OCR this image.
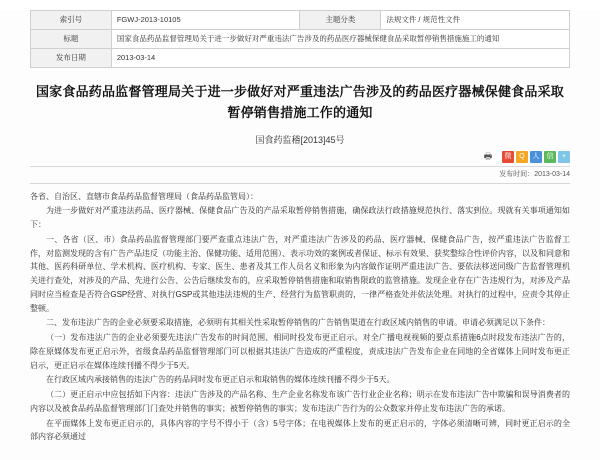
索引号	FGWJ-2013-10105	主题分类	法规文件 / 规范性文件
标题	国家食品药品监督管理局关于进一步做好对严重违法广告涉及的药品医疗器械保健食品采取暂停销售措施施工的通知		
发布日期	2013-03-14		
国家食品药品监督管理局关于进一步做好对严重违法广告涉及的药品医疗器械保健食品采取暂停销售措施工作的通知
国食药监稽[2013]45号
🖶	微	Q	人	信	+
发布时间：2013-03-14

各省、自治区、直辖市食品药品监督管理局（食品药品监管局）：

为进一步做好对严重违法药品、医疗器械、保健食品广告及的产品采取暂停销售措施，确保政法行政措施规范执行、落实到位。现就有关事项通知如下：

一、各省（区、市）食品药品监督管理部门要严查重点违法广告，对严重违法广告涉及的药品、医疗器械、保健食品广告，按严重违法广告监督工作，对监测发现的含有广告产品违反（功能主治、保健功能、适用范围）、表示功效的案例或者保证、标示有效果、获奖整综合性评价内容，以及和同意和其他、医药科研单位、学术机构、医疗机构、专家、医生、患者及其工作人员名义和形象为内容做作证明严重违法广告、要依法移送同级广告监督管理机关进行查处，对涉及的产品、先进行公告、公告后继续发布的，应采取暂停销售措施和取销售限政的监管措施。发现企业存在广告违规行为，对涉及产品同时应当检查是否符合GSP经营、对执行GSP或其他违法违规的生产、经营行为监管职责的，一律严格查处并依法处理。对执行的过程中，应责令其停止整顿。

二、发布违法广告的企业必须要采取措施，必须明有其相关性采取暂停销售的广告销售渠道在行政区域内销售的申请。申请必须满足以下条件：

（一）发布违法广告的企业必须要先违法广告发布的时间范围、相同时投发布更正启示。对全广播电视视频的要点系措施6点时段发布违法广告的，除在原媒体发布更正启示外，省级食品药品监督管理部门可以根据其违法广告造成的严重程度，责成违法广告发布企业在同地的全省媒体上同时发布更正启示，更正启示在媒体连续刊播不得少于5天。

在行政区域内承接销售的违法广告的药品同时发布更正启示和取销售的媒体连续刊播不得少于5天。

（二）更正启示中应包括如下内容：违法广告涉及的产品名称、生产企业名称发布该广告行业企业名称；明示在发布违法广告中欺骗和误导消费者的内容以及被食品药品监督管理部门门查处并销售的事实；被暂停销售的事实；发布违法广告行为的公众数家并停止发布违法广告的承诺。

在平面媒体上发布更正启示的，具体内容的字号不得小于（含）5号字体；在电视媒体上发布的更正启示的，字体必须清晰可辨，同时更正启示的全部内容必须通过
